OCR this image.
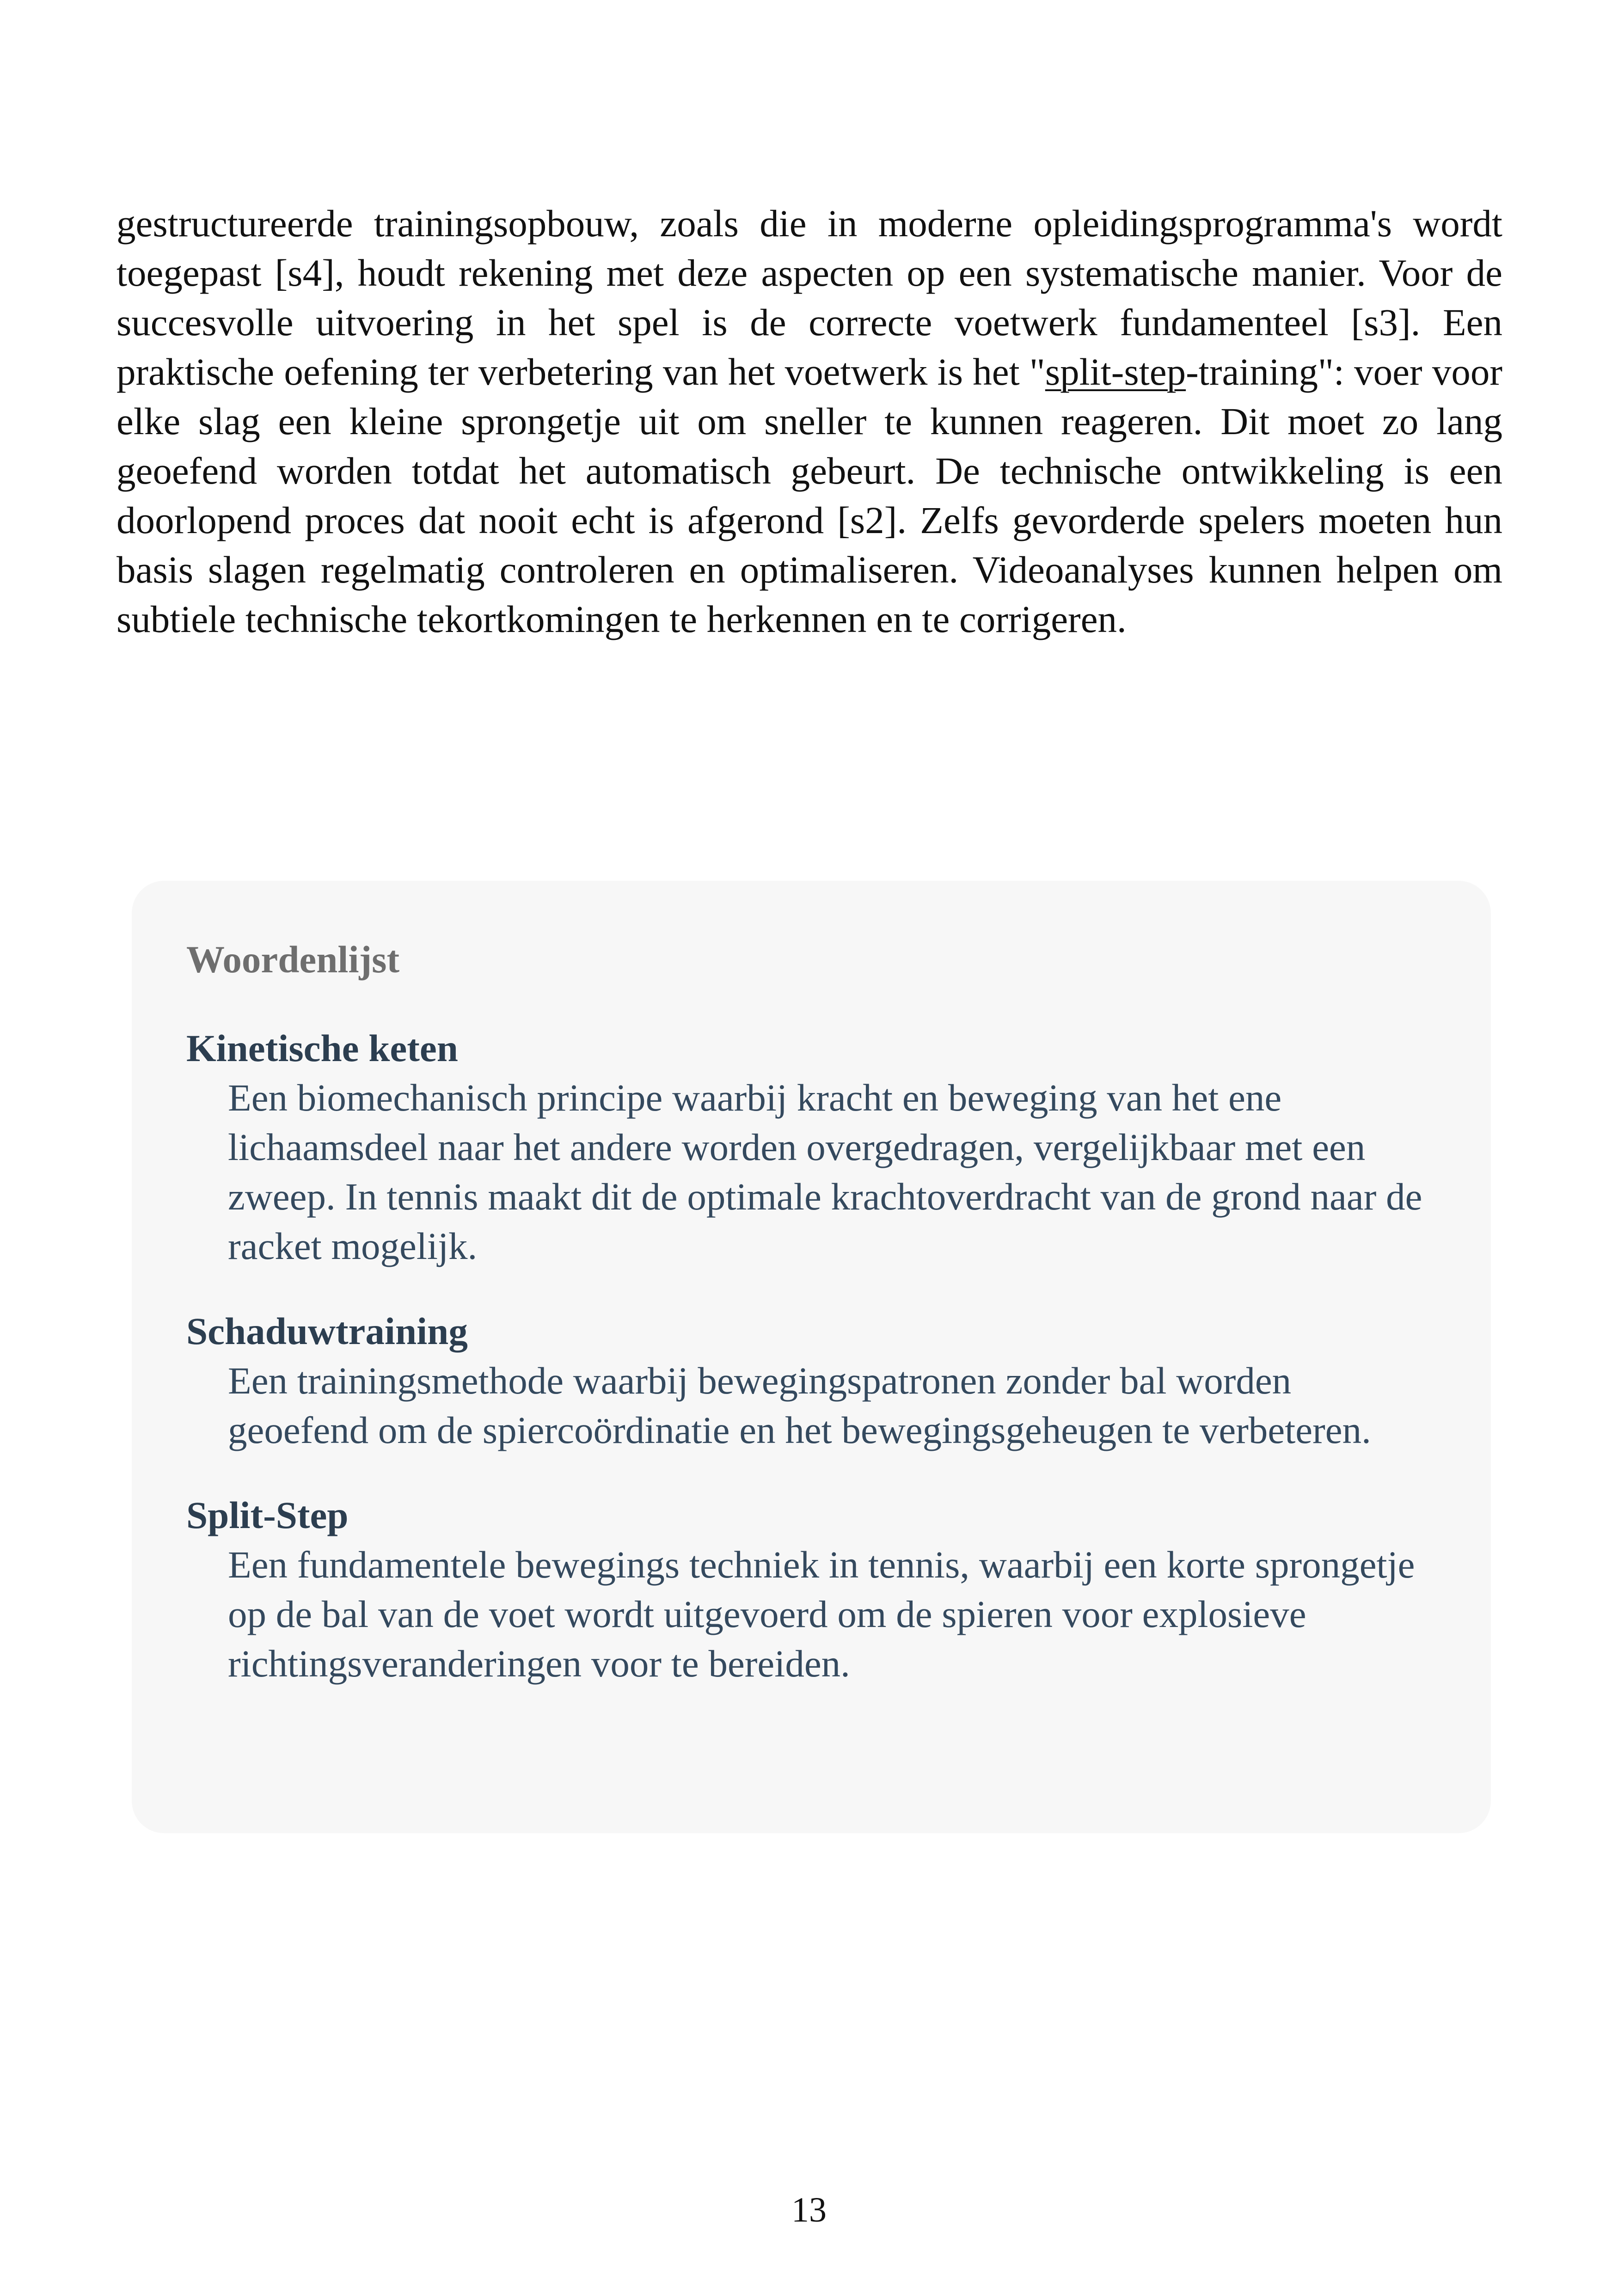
gestructureerde trainingsopbouw, zoals die in moderne opleidingsprogramma's wordt toegepast [s4], houdt rekening met deze aspecten op een systematische manier. Voor de succesvolle uitvoering in het spel is de correcte voetwerk fundamenteel [s3]. Een praktische oefening ter verbetering van het voetwerk is het "split-step-training": voer voor elke slag een kleine sprongetje uit om sneller te kunnen reageren. Dit moet zo lang geoefend worden totdat het automatisch gebeurt. De technische ontwikkeling is een doorlopend proces dat nooit echt is afgerond [s2]. Zelfs gevorderde spelers moeten hun basis slagen regelmatig controleren en optimaliseren. Videoanalyses kunnen helpen om subtiele technische tekortkomingen te herkennen en te corrigeren.
Woordenlijst
Kinetische keten
Een biomechanisch principe waarbij kracht en beweging van het ene lichaamsdeel naar het andere worden overgedragen, vergelijkbaar met een zweep. In tennis maakt dit de optimale krachtoverdracht van de grond naar de racket mogelijk.
Schaduwtraining
Een trainingsmethode waarbij bewegingspatronen zonder bal worden geoefend om de spiercoördinatie en het bewegingsgeheugen te verbeteren.
Split-Step
Een fundamentele bewegings techniek in tennis, waarbij een korte sprongetje op de bal van de voet wordt uitgevoerd om de spieren voor explosieve richtingsveranderingen voor te bereiden.
13
